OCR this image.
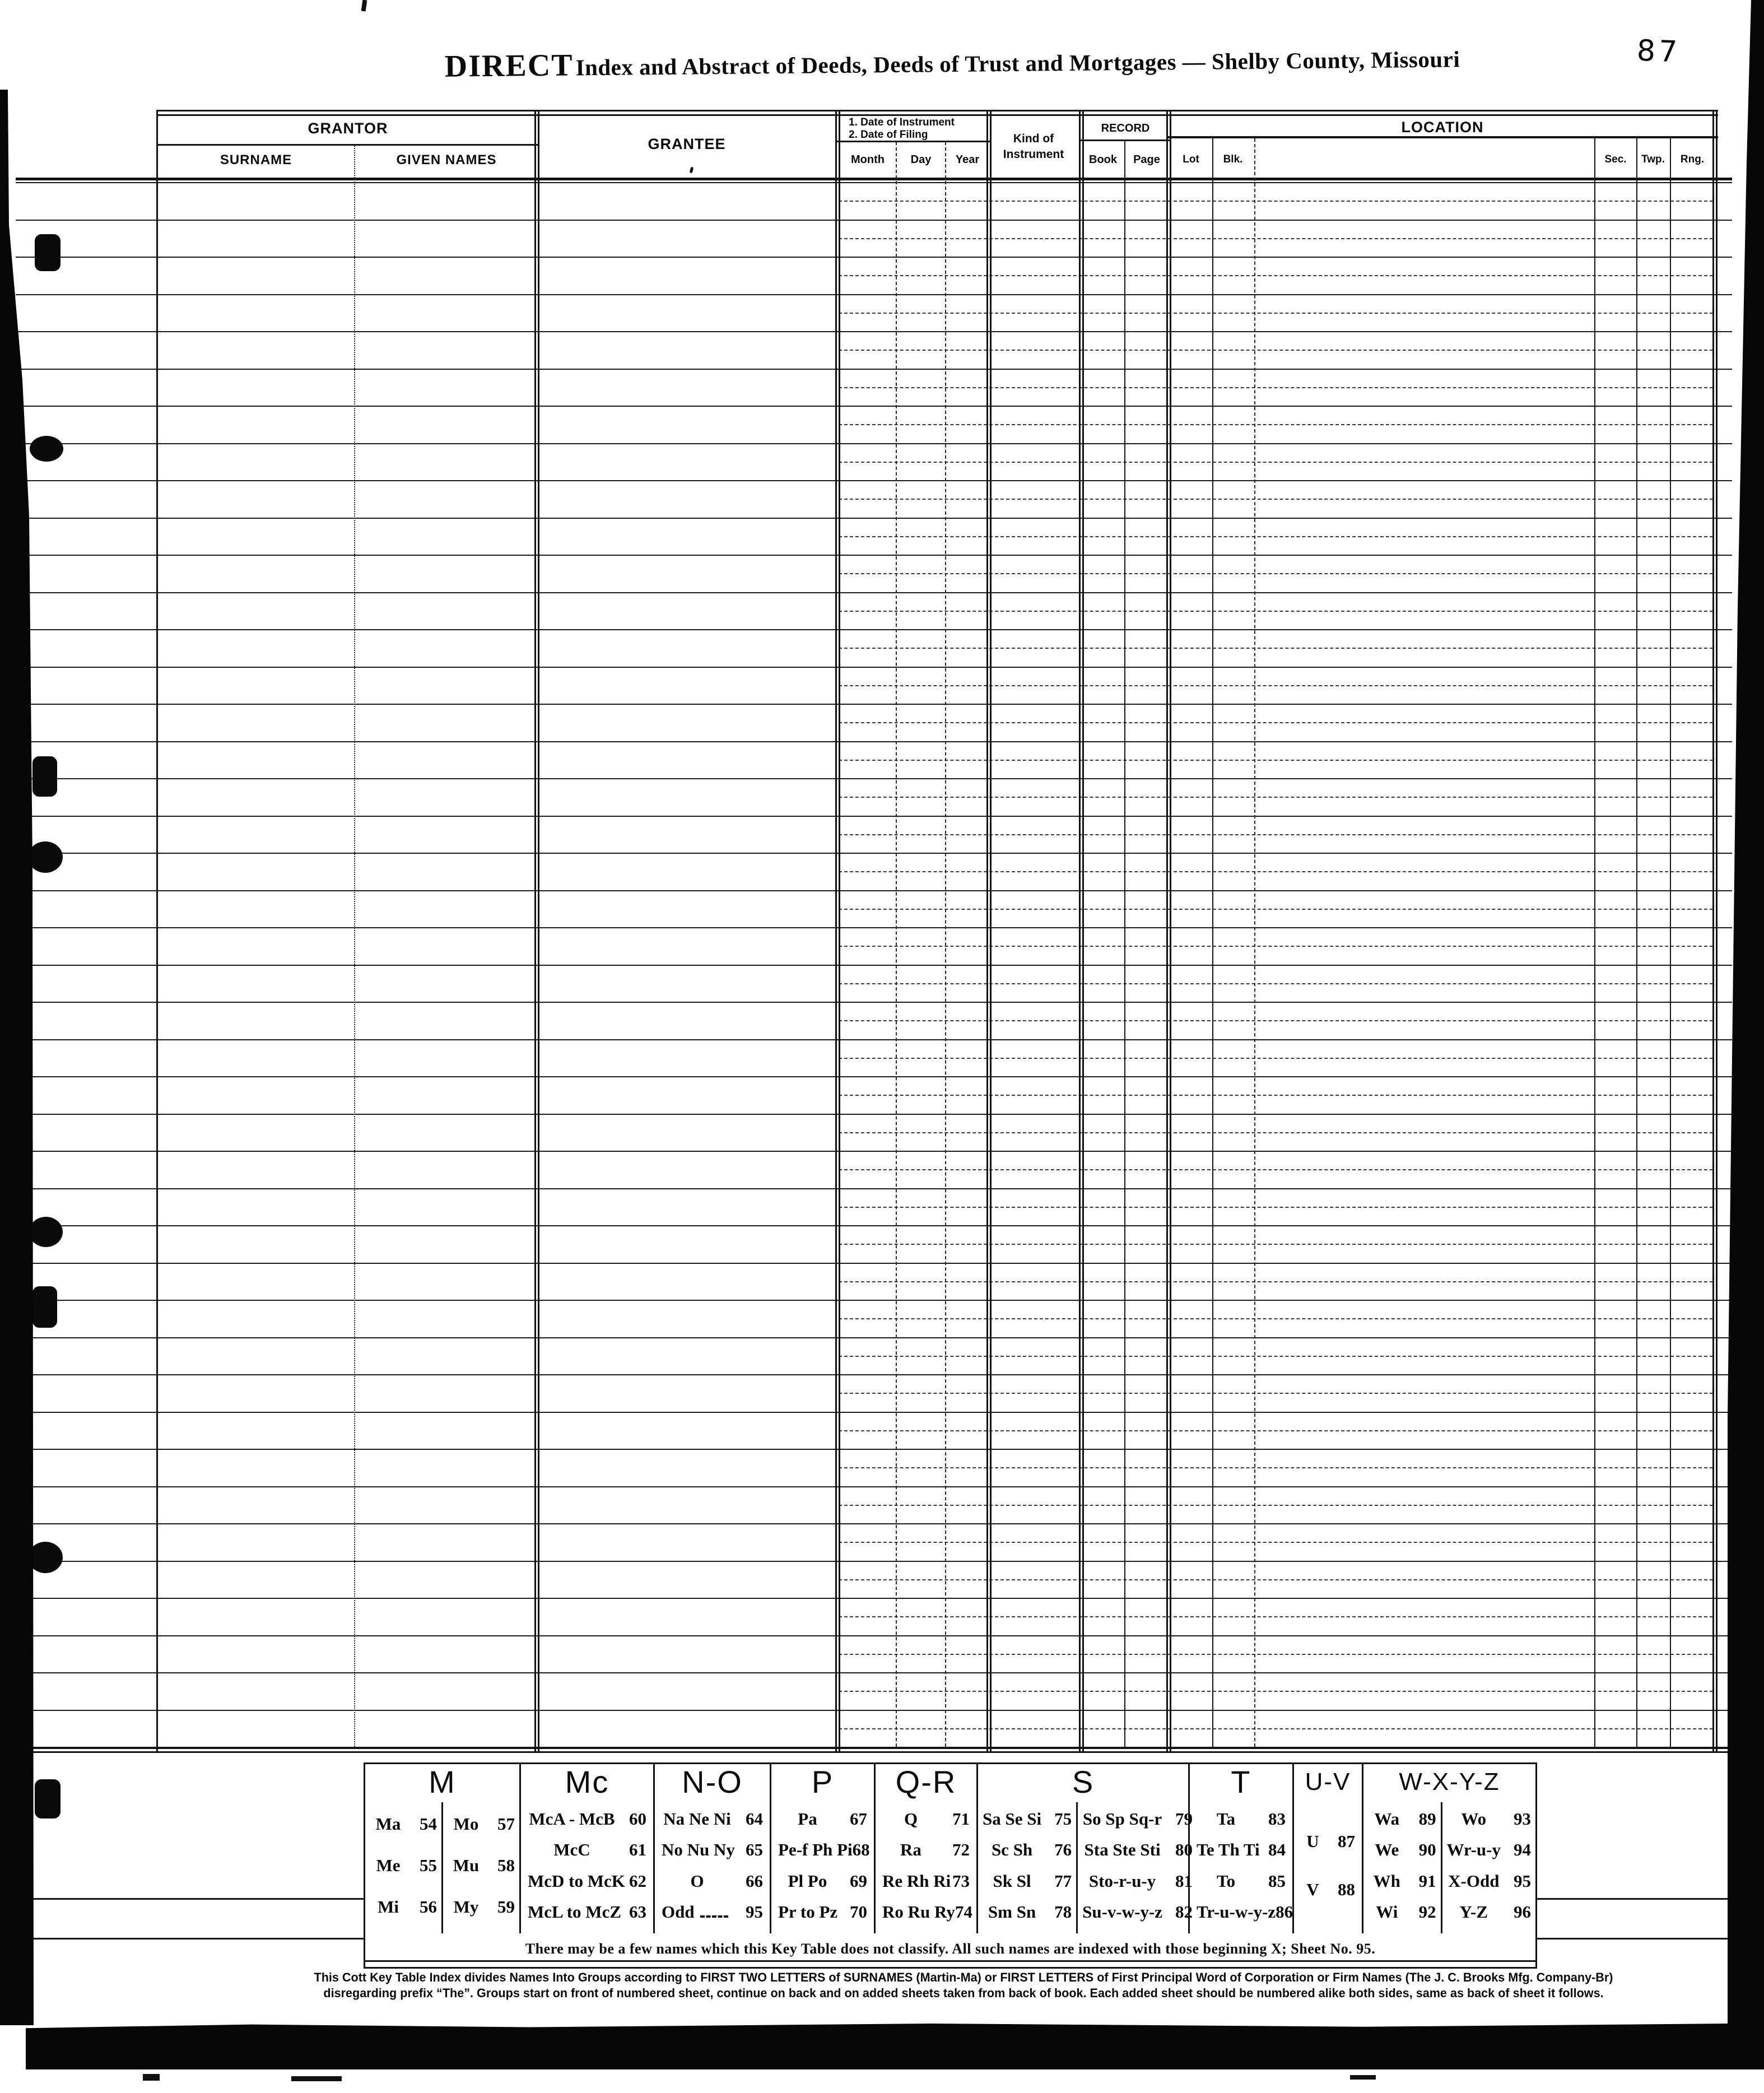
DIRECT Index and Abstract of Deeds, Deeds of Trust and Mortgages — Shelby County, Missouri	87
GRANTOR
SURNAME	GIVEN NAMES
GRANTEE
1. Date of Instrument
2. Date of Filing
Month Day Year
Kind of
Instrument
RECORD
Book Page
LOCATION
Lot Blk.	Sec. Twp. Rng.
M
Ma	54
Me	55
Mi	56
Mo	57
Mu	58
My	59
Mc
McA - McB 60
McC	61
McD to McK 62
McL to McZ 63
N-O
Na Ne Ni 64
No Nu Ny 65
O	66
Odd	95
P
Pa	67
Pe-f Ph Pi 68
Pl Po	69
Pr to Pz 70
Q-R
Q	71
Ra	72
Re Rh Ri 73
Ro Ru Ry 74
S
Sa Se Si 75
Sc Sh	76
Sk Sl	77
Sm Sn	78
So Sp Sq-r 79
Sta Ste Sti 80
Sto-r-u-y	81
Su-v-w-y-z 82
T
Ta	83
Te Th Ti 84
To	85
Tr-u-w-y-z 86
U-V
U	87
V	88
W-X-Y-Z
Wa	89
We	90
Wh	91
Wi	92
Wo	93
Wr-u-y 94
X-Odd 95
Y-Z	96
There may be a few names which this Key Table does not classify. All such names are indexed with those beginning X; Sheet No. 95.
This Cott Key Table Index divides Names Into Groups according to FIRST TWO LETTERS of SURNAMES (Martin-Ma) or FIRST LETTERS of First Principal Word of Corporation or Firm Names (The J. C. Brooks Mfg. Company-Br)
disregarding prefix “The”. Groups start on front of numbered sheet, continue on back and on added sheets taken from back of book. Each added sheet should be numbered alike both sides, same as back of sheet it follows.
